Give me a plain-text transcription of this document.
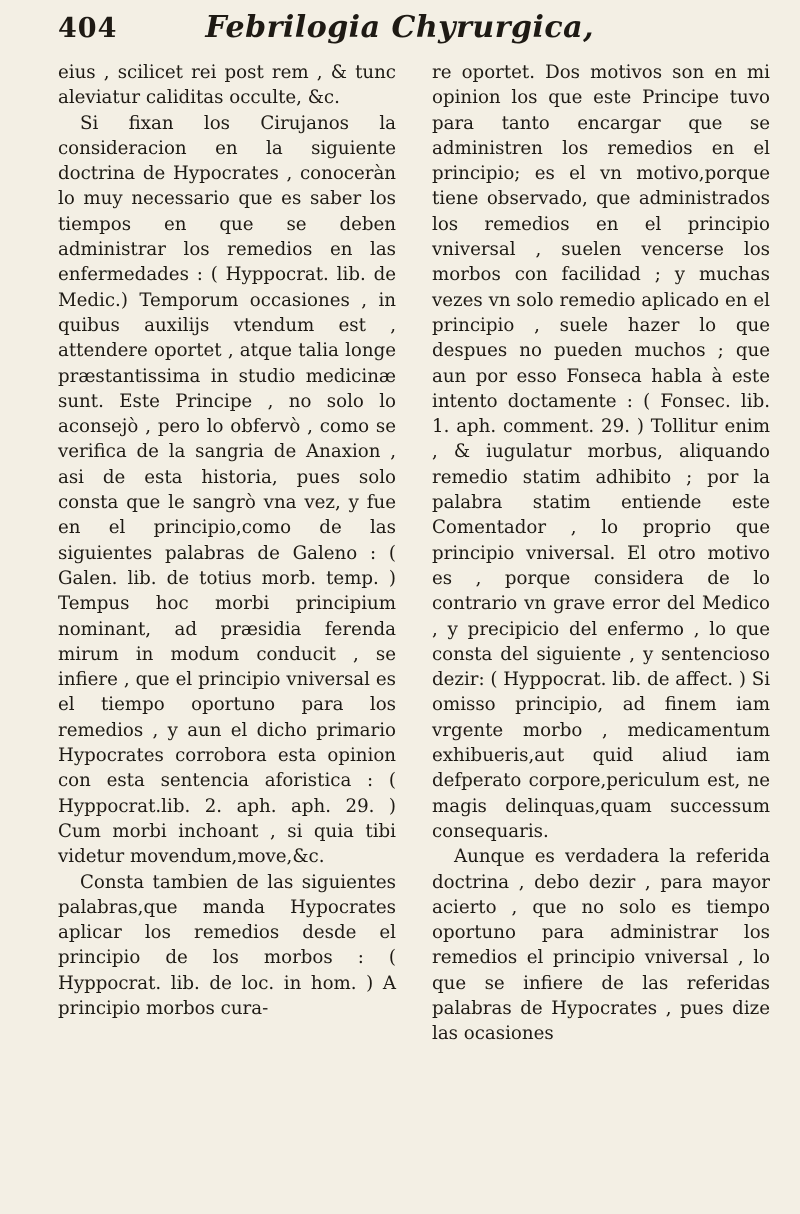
404	Febrilogia Chyrurgica,

eius , scilicet rei post rem , & tunc aleviatur caliditas occulte, &c.

Si fixan los Cirujanos la consideracion en la siguiente doctrina de Hypocrates , conoceràn lo muy necessario que es saber los tiempos en que se deben administrar los remedios en las enfermedades : ( Hyppocrat. lib. de Medic.) Temporum occasiones , in quibus auxilijs vtendum est , attendere oportet , atque talia longe præstantissima in studio medicinæ sunt. Este Principe , no solo lo aconsejò , pero lo obfervò , como se verifica de la sangria de Anaxion , asi de esta historia, pues solo consta que le sangrò vna vez, y fue en el principio,como de las siguientes palabras de Galeno : ( Galen. lib. de totius morb. temp. ) Tempus hoc morbi principium nominant, ad præsidia ferenda mirum in modum conducit , se infiere , que el principio vniversal es el tiempo oportuno para los remedios , y aun el dicho primario Hypocrates corrobora esta opinion con esta sentencia aforistica : ( Hyppocrat.lib. 2. aph. aph. 29. ) Cum morbi inchoant , si quia tibi videtur movendum,move,&c.

Consta tambien de las siguientes palabras,que manda Hypocrates aplicar los remedios desde el principio de los morbos : ( Hyppocrat. lib. de loc. in hom. ) A principio morbos cura-

re oportet. Dos motivos son en mi opinion los que este Principe tuvo para tanto encargar que se administren los remedios en el principio; es el vn motivo,porque tiene observado, que administrados los remedios en el principio vniversal , suelen vencerse los morbos con facilidad ; y muchas vezes vn solo remedio aplicado en el principio , suele hazer lo que despues no pueden muchos ; que aun por esso Fonseca habla à este intento doctamente : ( Fonsec. lib. 1. aph. comment. 29. ) Tollitur enim , & iugulatur morbus, aliquando remedio statim adhibito ; por la palabra statim entiende este Comentador , lo proprio que principio vniversal. El otro motivo es , porque considera de lo contrario vn grave error del Medico , y precipicio del enfermo , lo que consta del siguiente , y sentencioso dezir: ( Hyppocrat. lib. de affect. ) Si omisso principio, ad finem iam vrgente morbo , medicamentum exhibueris,aut quid aliud iam defperato corpore,periculum est, ne magis delinquas,quam successum consequaris.

Aunque es verdadera la referida doctrina , debo dezir , para mayor acierto , que no solo es tiempo oportuno para administrar los remedios el principio vniversal , lo que se infiere de las referidas palabras de Hypocrates , pues dize las ocasiones
